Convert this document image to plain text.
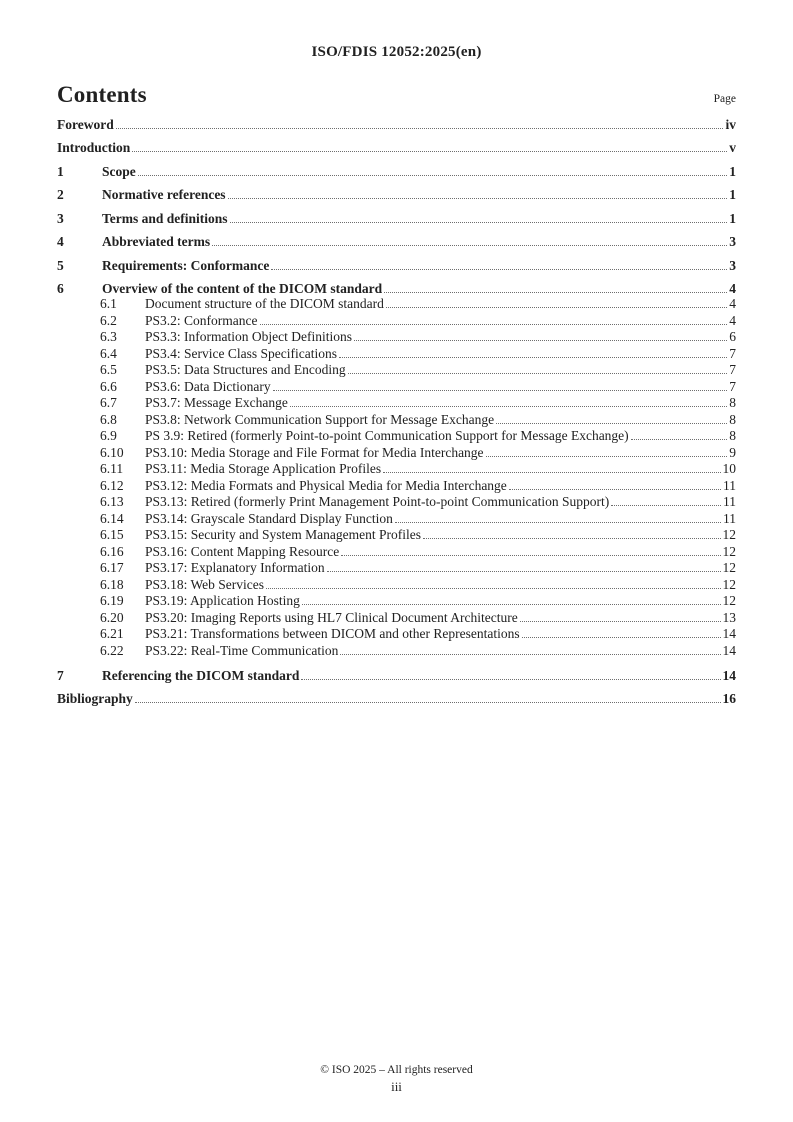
ISO/FDIS 12052:2025(en)
Contents	Page
Foreword	iv
Introduction	v
1	Scope	1
2	Normative references	1
3	Terms and definitions	1
4	Abbreviated terms	3
5	Requirements: Conformance	3
6	Overview of the content of the DICOM standard	4
6.1	Document structure of the DICOM standard	4
6.2	PS3.2: Conformance	4
6.3	PS3.3: Information Object Definitions	6
6.4	PS3.4: Service Class Specifications	7
6.5	PS3.5: Data Structures and Encoding	7
6.6	PS3.6: Data Dictionary	7
6.7	PS3.7: Message Exchange	8
6.8	PS3.8: Network Communication Support for Message Exchange	8
6.9	PS 3.9: Retired (formerly Point-to-point Communication Support for Message Exchange)	8
6.10	PS3.10: Media Storage and File Format for Media Interchange	9
6.11	PS3.11: Media Storage Application Profiles	10
6.12	PS3.12: Media Formats and Physical Media for Media Interchange	11
6.13	PS3.13: Retired (formerly Print Management Point-to-point Communication Support)	11
6.14	PS3.14: Grayscale Standard Display Function	11
6.15	PS3.15: Security and System Management Profiles	12
6.16	PS3.16: Content Mapping Resource	12
6.17	PS3.17: Explanatory Information	12
6.18	PS3.18: Web Services	12
6.19	PS3.19: Application Hosting	12
6.20	PS3.20: Imaging Reports using HL7 Clinical Document Architecture	13
6.21	PS3.21: Transformations between DICOM and other Representations	14
6.22	PS3.22: Real-Time Communication	14
7	Referencing the DICOM standard	14
Bibliography	16
© ISO 2025 – All rights reserved
iii
